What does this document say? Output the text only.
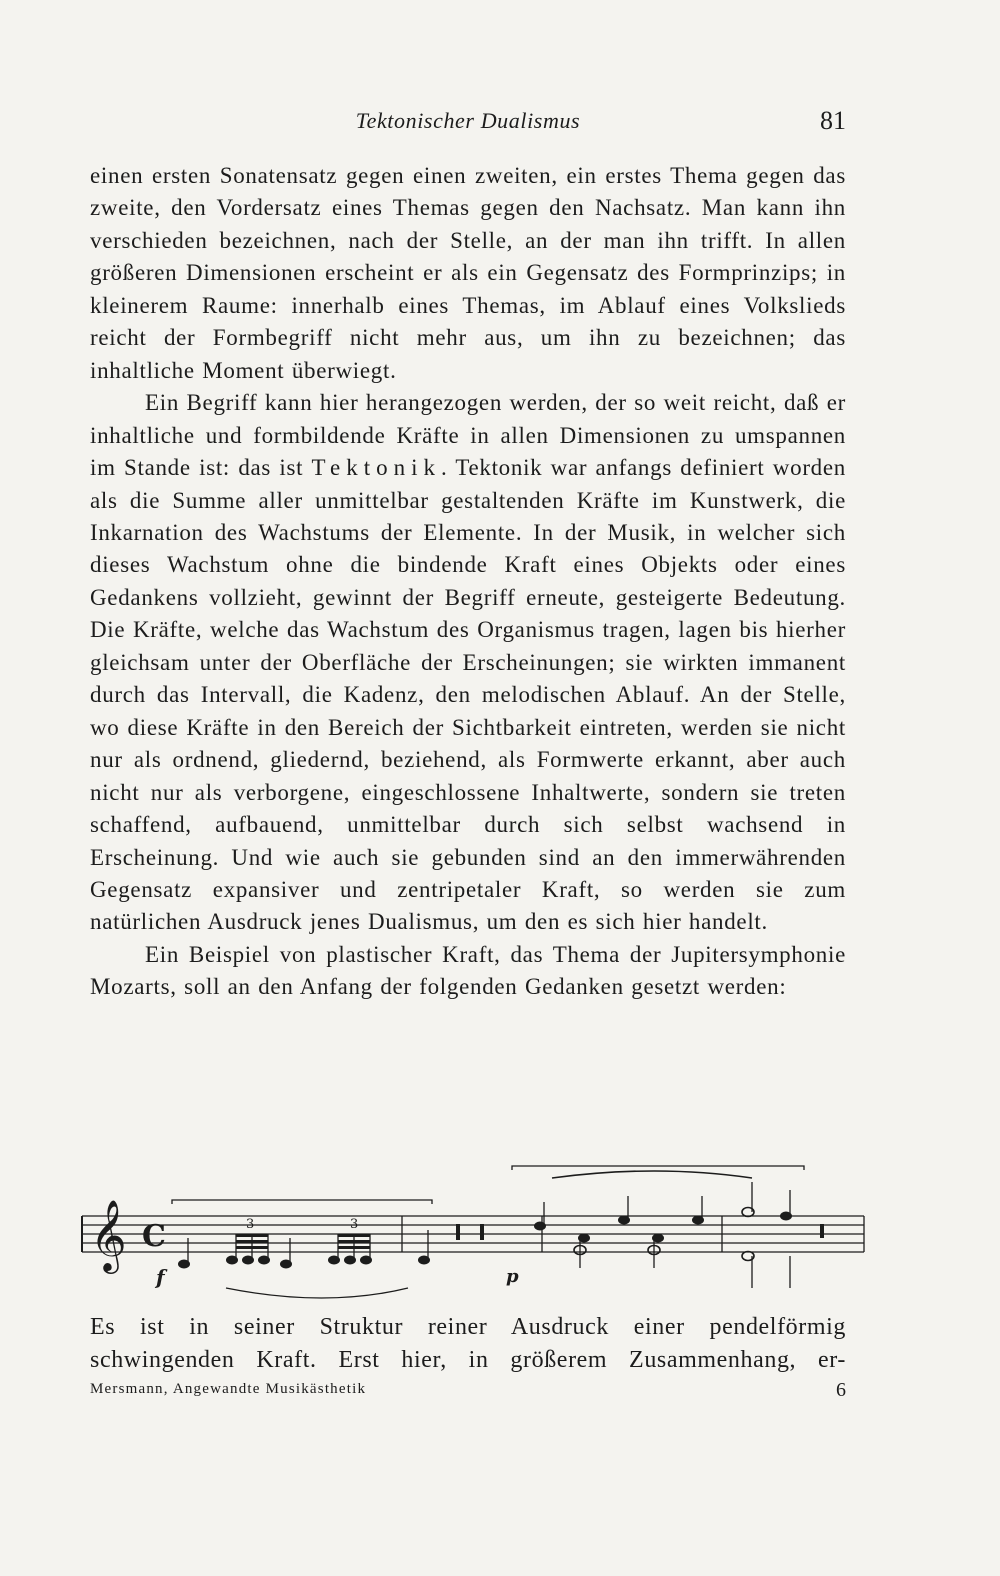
Tektonischer Dualismus	81

einen ersten Sonatensatz gegen einen zweiten, ein erstes Thema gegen das zweite, den Vordersatz eines Themas gegen den Nachsatz. Man kann ihn verschieden bezeichnen, nach der Stelle, an der man ihn trifft. In allen größeren Dimensionen erscheint er als ein Gegensatz des Formprinzips; in kleinerem Raume: innerhalb eines Themas, im Ablauf eines Volkslieds reicht der Formbegriff nicht mehr aus, um ihn zu bezeichnen; das inhaltliche Moment überwiegt.

Ein Begriff kann hier herangezogen werden, der so weit reicht, daß er inhaltliche und formbildende Kräfte in allen Dimensionen zu umspannen im Stande ist: das ist Tektonik. Tektonik war anfangs definiert worden als die Summe aller unmittelbar gestaltenden Kräfte im Kunstwerk, die Inkarnation des Wachstums der Elemente. In der Musik, in welcher sich dieses Wachstum ohne die bindende Kraft eines Objekts oder eines Gedankens vollzieht, gewinnt der Begriff erneute, gesteigerte Bedeutung. Die Kräfte, welche das Wachstum des Organismus tragen, lagen bis hierher gleichsam unter der Oberfläche der Erscheinungen; sie wirkten immanent durch das Intervall, die Kadenz, den melodischen Ablauf. An der Stelle, wo diese Kräfte in den Bereich der Sichtbarkeit eintreten, werden sie nicht nur als ordnend, gliedernd, beziehend, als Formwerte erkannt, aber auch nicht nur als verborgene, eingeschlossene Inhaltwerte, sondern sie treten schaffend, aufbauend, unmittelbar durch sich selbst wachsend in Erscheinung. Und wie auch sie gebunden sind an den immerwährenden Gegensatz expansiver und zentripetaler Kraft, so werden sie zum natürlichen Ausdruck jenes Dualismus, um den es sich hier handelt.

Ein Beispiel von plastischer Kraft, das Thema der Jupitersymphonie Mozarts, soll an den Anfang der folgenden Gedanken gesetzt werden:

𝄞 C
f	p
3	3

Es ist in seiner Struktur reiner Ausdruck einer pendelförmig

schwingenden Kraft. Erst hier, in größerem Zusammenhang, er-

Mersmann, Angewandte Musikästhetik	6
